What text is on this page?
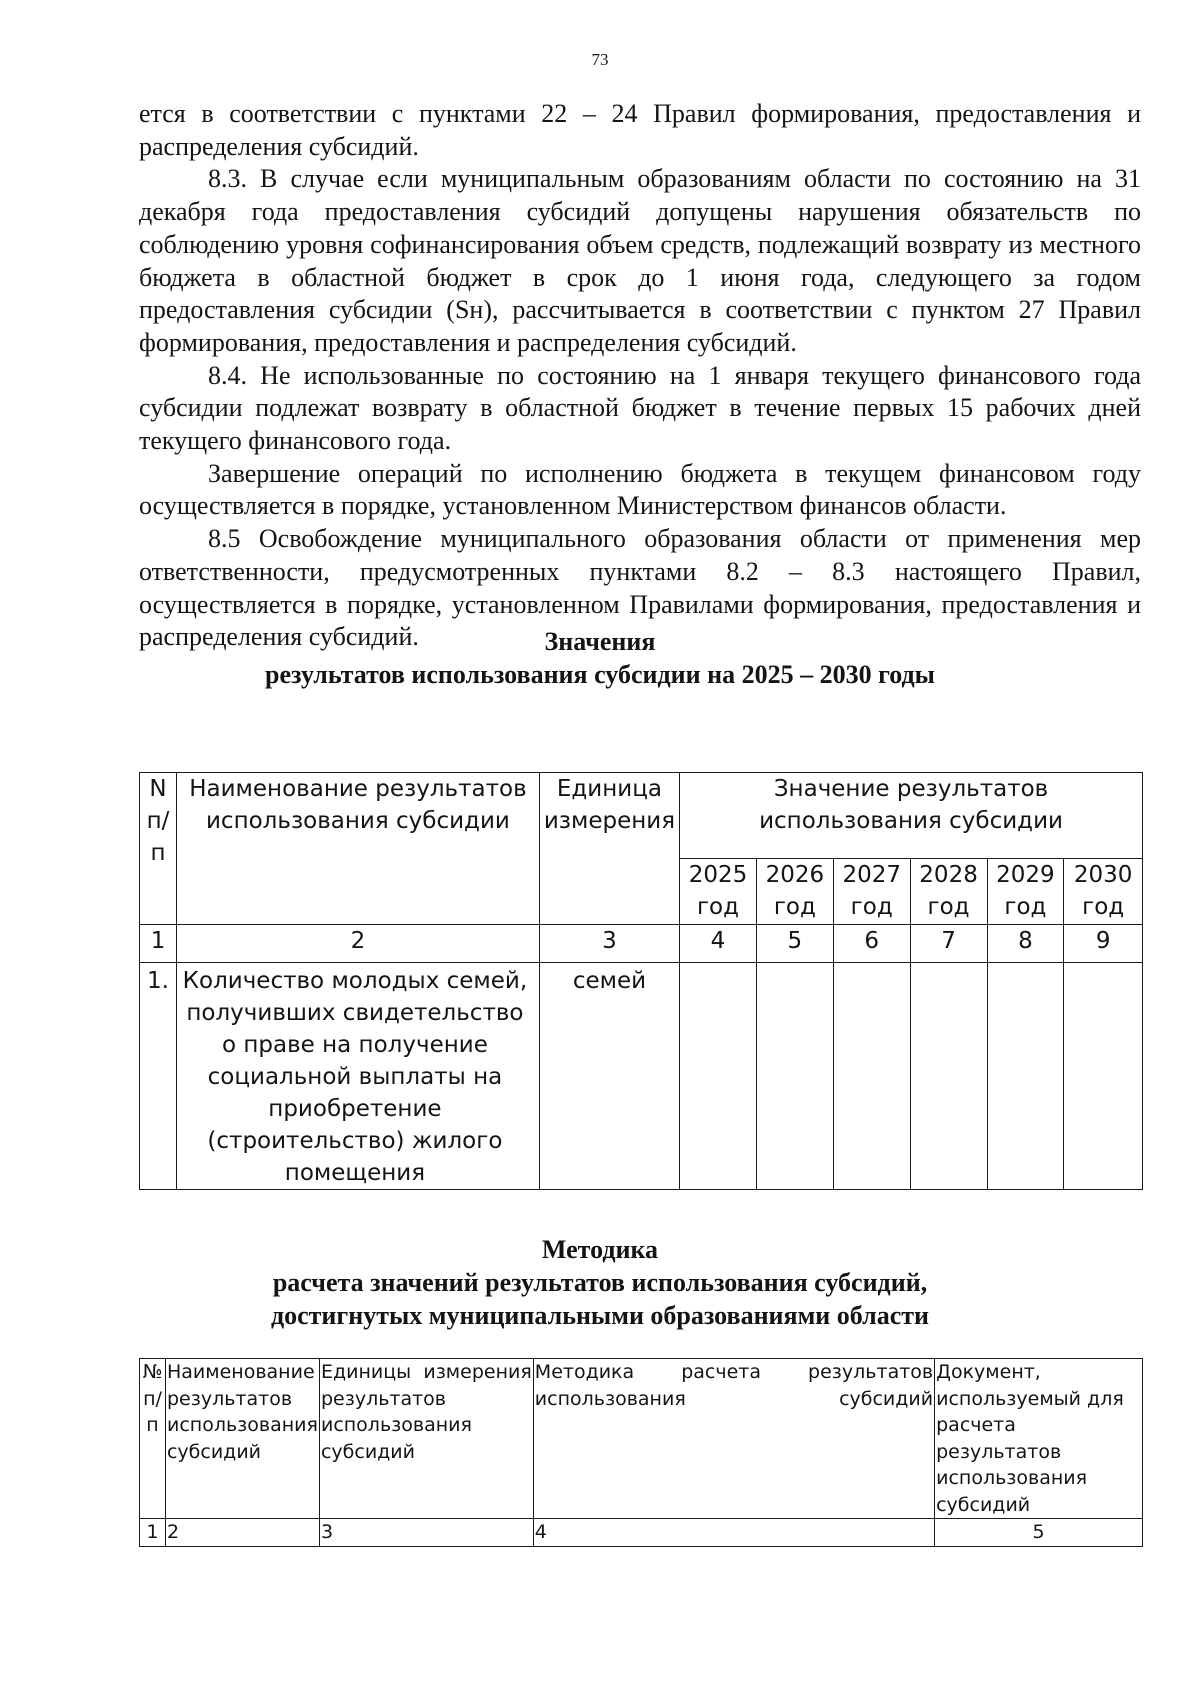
73

ется в соответствии с пунктами 22 – 24 Правил формирования, предоставления и распределения субсидий.

8.3. В случае если муниципальным образованиям области по состоянию на 31 декабря года предоставления субсидий допущены нарушения обязательств по соблюдению уровня софинансирования объем средств, подлежащий возврату из местного бюджета в областной бюджет в срок до 1 июня года, следующего за годом предоставления субсидии (Sн), рассчитывается в соответствии с пунктом 27 Правил формирования, предоставления и распределения субсидий.

8.4. Не использованные по состоянию на 1 января текущего финансового года субсидии подлежат возврату в областной бюджет в течение первых 15 рабочих дней текущего финансового года.

Завершение операций по исполнению бюджета в текущем финансовом году осуществляется в порядке, установленном Министерством финансов области.

8.5 Освобождение муниципального образования области от применения мер ответственности, предусмотренных пунктами 8.2 – 8.3 настоящего Правил, осуществляется в порядке, установленном Правилами формирования, предоставления и распределения субсидий.	Значения
результатов использования субсидии на 2025 – 2030 годы
N п/п	Наименование результатов использования субсидии	Единица измерения	Значение результатов использования субсидии					
			2025 год	2026 год	2027 год	2028 год	2029 год	2030 год
1	2	3	4	5	6	7	8	9
1.	Количество молодых семей, получивших свидетельство о праве на получение социальной выплаты на приобретение (строительство) жилого помещения	семей						
Методика
расчета значений результатов использования субсидий,
достигнутых муниципальными образованиями области
№ п/п	Наименование результатов использования субсидий	Единицы измерения результатов использования субсидий	Методика расчета результатов использования субсидий	Документ, используемый для расчета результатов использования субсидий
1	2	3	4	5
